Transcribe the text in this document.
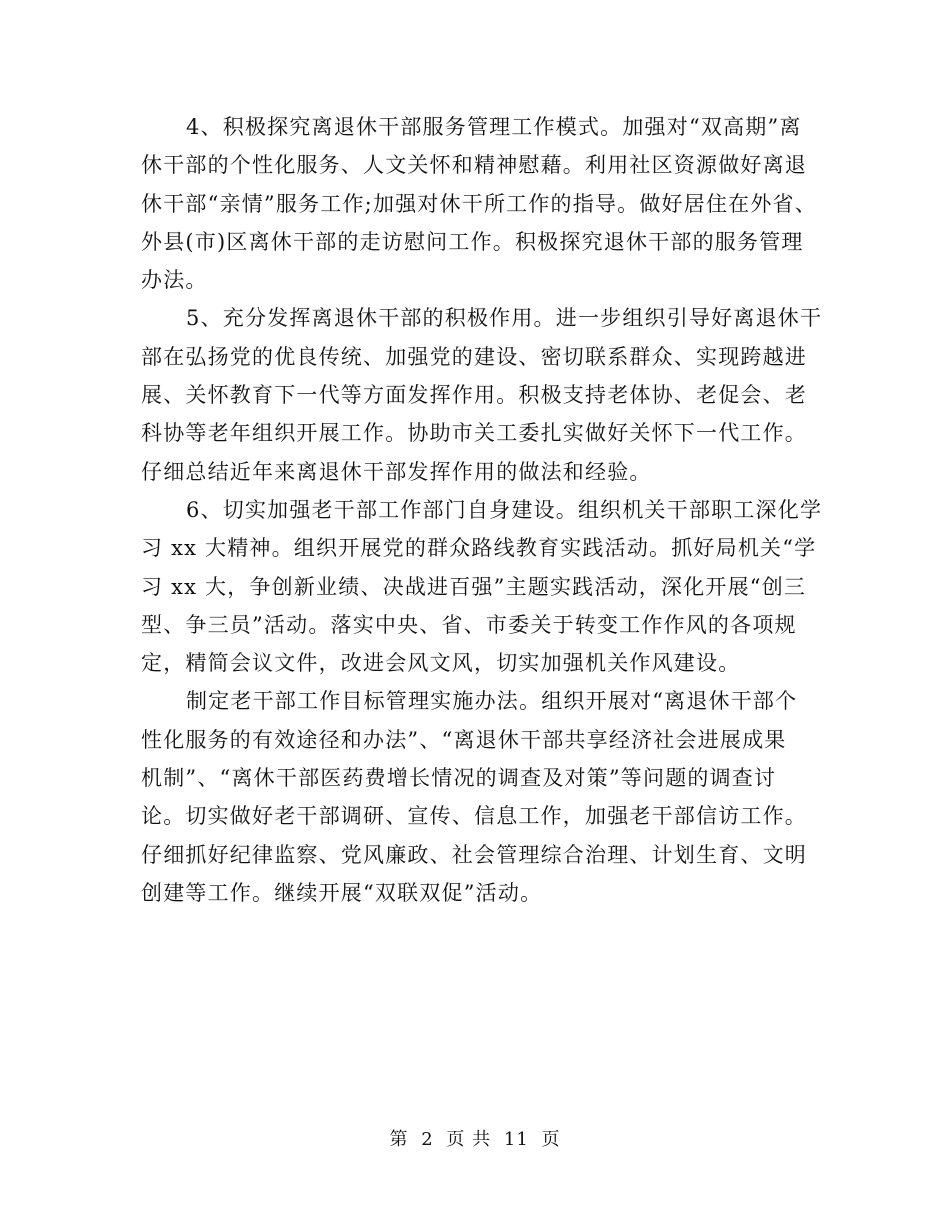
4、积极探究离退休干部服务管理工作模式。加强对“双高期”离
休干部的个性化服务、人文关怀和精神慰藉。利用社区资源做好离退
休干部“亲情”服务工作;加强对休干所工作的指导。做好居住在外省、
外县(市)区离休干部的走访慰问工作。积极探究退休干部的服务管理
办法。
5、充分发挥离退休干部的积极作用。进一步组织引导好离退休干
部在弘扬党的优良传统、加强党的建设、密切联系群众、实现跨越进
展、关怀教育下一代等方面发挥作用。积极支持老体协、老促会、老
科协等老年组织开展工作。协助市关工委扎实做好关怀下一代工作。
仔细总结近年来离退休干部发挥作用的做法和经验。
6、切实加强老干部工作部门自身建设。组织机关干部职工深化学
习 xx 大精神。组织开展党的群众路线教育实践活动。抓好局机关“学
习 xx 大，争创新业绩、决战进百强”主题实践活动，深化开展“创三
型、争三员”活动。落实中央、省、市委关于转变工作作风的各项规
定，精简会议文件，改进会风文风，切实加强机关作风建设。
制定老干部工作目标管理实施办法。组织开展对“离退休干部个
性化服务的有效途径和办法”、“离退休干部共享经济社会进展成果
机制”、“离休干部医药费增长情况的调查及对策”等问题的调查讨
论。切实做好老干部调研、宣传、信息工作，加强老干部信访工作。
仔细抓好纪律监察、党风廉政、社会管理综合治理、计划生育、文明
创建等工作。继续开展“双联双促”活动。
第 2 页 共 11 页
